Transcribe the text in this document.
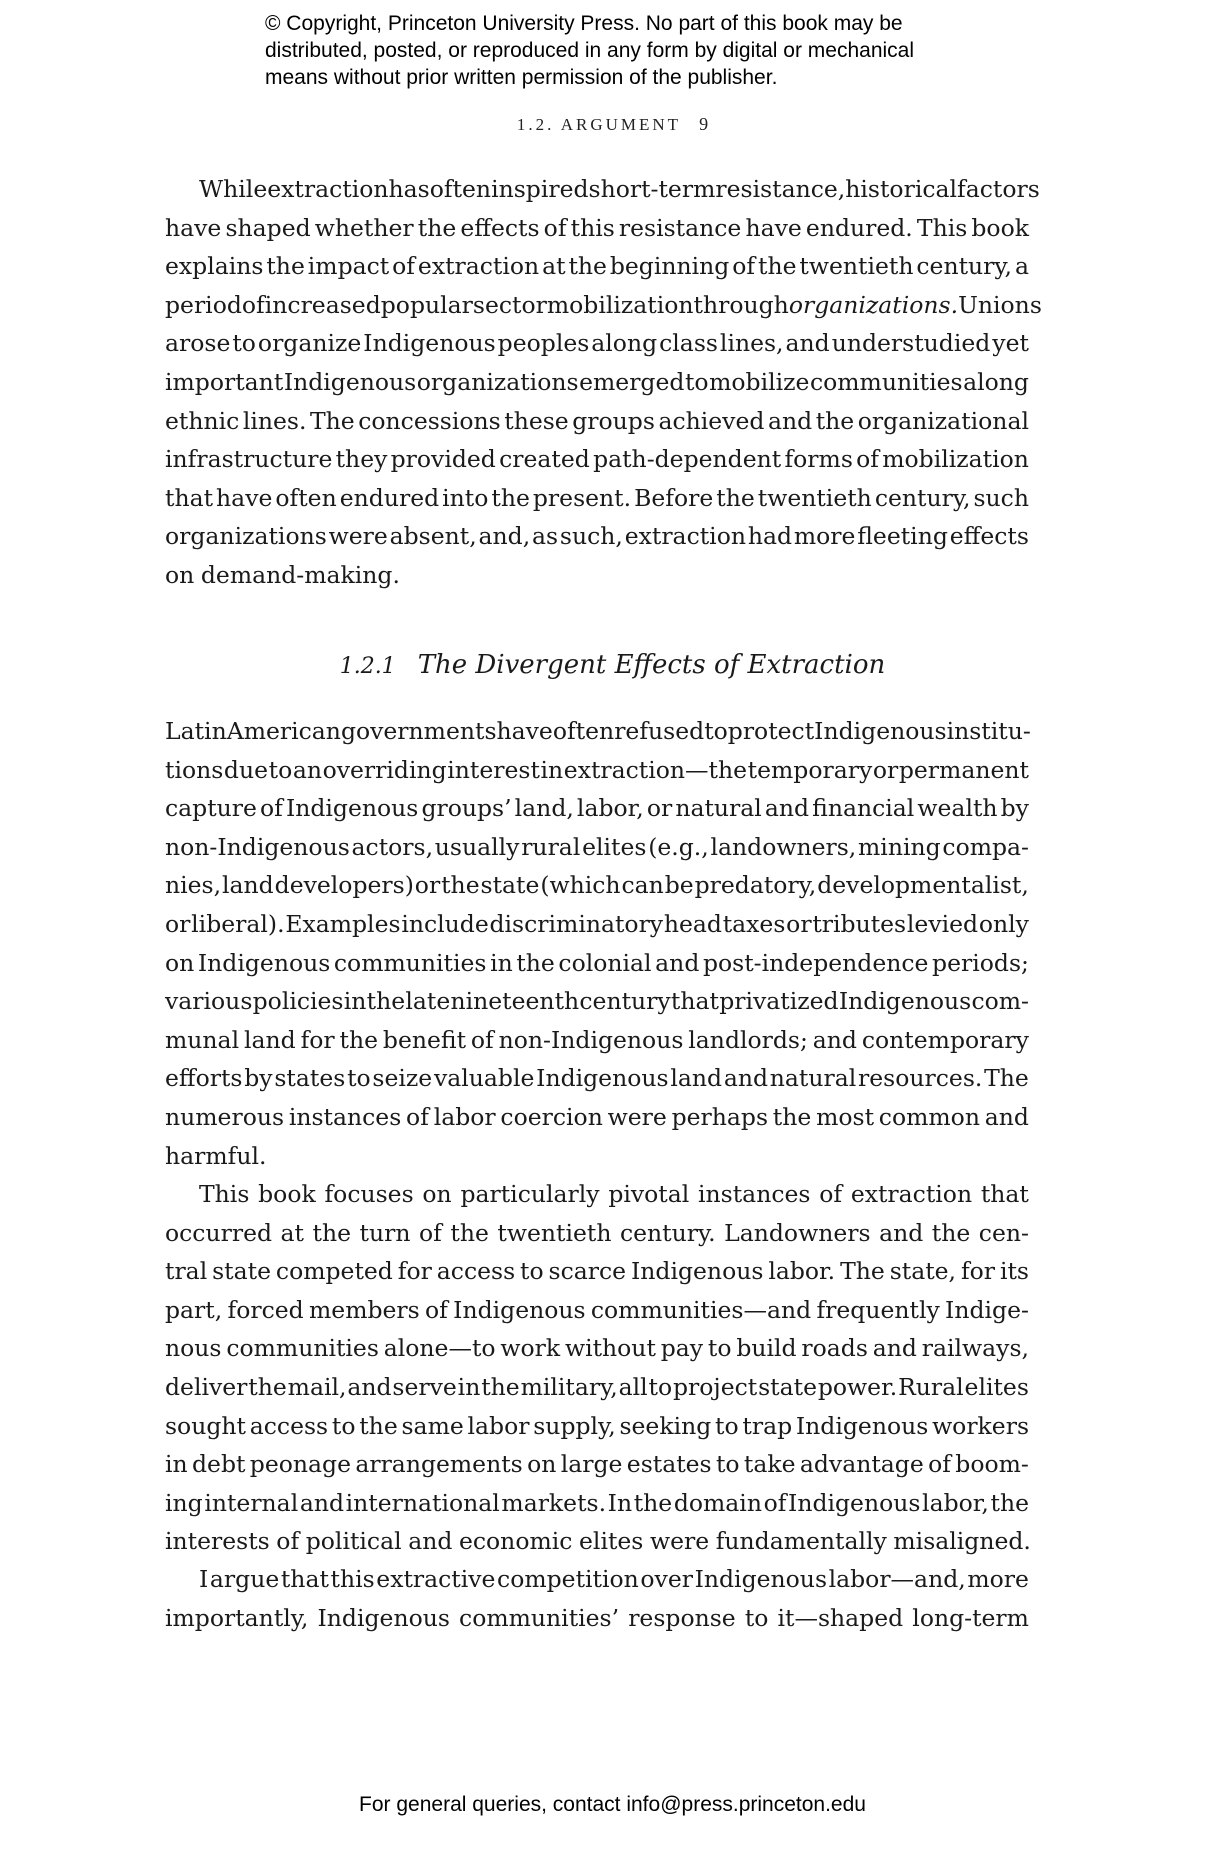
© Copyright, Princeton University Press. No part of this book may be
distributed, posted, or reproduced in any form by digital or mechanical
means without prior written permission of the publisher.
1.2. ARGUMENT 9
While extraction has often inspired short-term resistance, historical factors
have shaped whether the effects of this resistance have endured. This book
explains the impact of extraction at the beginning of the twentieth century, a
period of increased popular sector mobilization through organizations. Unions
arose to organize Indigenous peoples along class lines, and understudied yet
important Indigenous organizations emerged to mobilize communities along
ethnic lines. The concessions these groups achieved and the organizational
infrastructure they provided created path-dependent forms of mobilization
that have often endured into the present. Before the twentieth century, such
organizations were absent, and, as such, extraction had more fleeting effects
on demand-making.
1.2.1 The Divergent Effects of Extraction
Latin American governments have often refused to protect Indigenous institu-
tions due to an overriding interest in extraction—the temporary or permanent
capture of Indigenous groups’ land, labor, or natural and financial wealth by
non-Indigenous actors, usually rural elites (e.g., landowners, mining compa-
nies, land developers) or the state (which can be predatory, developmentalist,
or liberal). Examples include discriminatory head taxes or tributes levied only
on Indigenous communities in the colonial and post-independence periods;
various policies in the late nineteenth century that privatized Indigenous com-
munal land for the benefit of non-Indigenous landlords; and contemporary
efforts by states to seize valuable Indigenous land and natural resources. The
numerous instances of labor coercion were perhaps the most common and
harmful.
This book focuses on particularly pivotal instances of extraction that
occurred at the turn of the twentieth century. Landowners and the cen-
tral state competed for access to scarce Indigenous labor. The state, for its
part, forced members of Indigenous communities—and frequently Indige-
nous communities alone—to work without pay to build roads and railways,
deliver the mail, and serve in the military, all to project state power. Rural elites
sought access to the same labor supply, seeking to trap Indigenous workers
in debt peonage arrangements on large estates to take advantage of boom-
ing internal and international markets. In the domain of Indigenous labor, the
interests of political and economic elites were fundamentally misaligned.
I argue that this extractive competition over Indigenous labor—and, more
importantly, Indigenous communities’ response to it—shaped long-term
For general queries, contact info@press.princeton.edu
